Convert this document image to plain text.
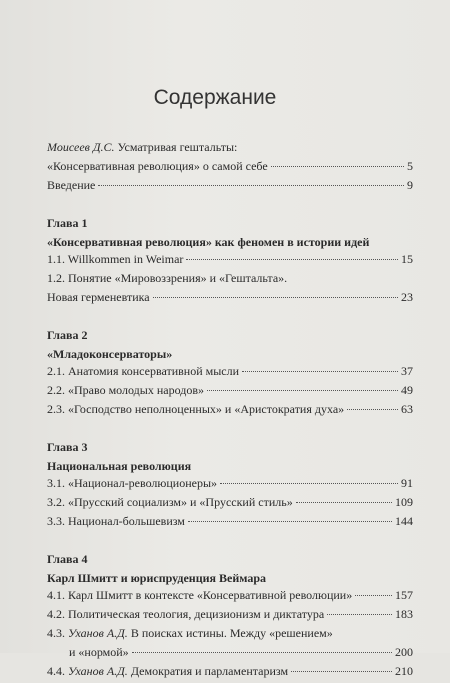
Содержание
Моисеев Д.С. Усматривая гештальты:
«Консервативная революция» о самой себе	5
Введение	9
Глава 1
«Консервативная революция» как феномен в истории идей
1.1. Willkommen in Weimar	15
1.2. Понятие «Мировоззрения» и «Гештальта».
Новая герменевтика	23
Глава 2
«Младоконсерваторы»
2.1. Анатомия консервативной мысли	37
2.2. «Право молодых народов»	49
2.3. «Господство неполноценных» и «Аристократия духа»	63
Глава 3
Национальная революция
3.1. «Национал-революционеры»	91
3.2. «Прусский социализм» и «Прусский стиль»	109
3.3. Национал-большевизм	144
Глава 4
Карл Шмитт и юриспруденция Веймара
4.1. Карл Шмитт в контексте «Консервативной революции»	157
4.2. Политическая теология, децизионизм и диктатура	183
4.3. Уханов А.Д. В поисках истины. Между «решением»
и «нормой»	200
4.4. Уханов А.Д. Демократия и парламентаризм	210
